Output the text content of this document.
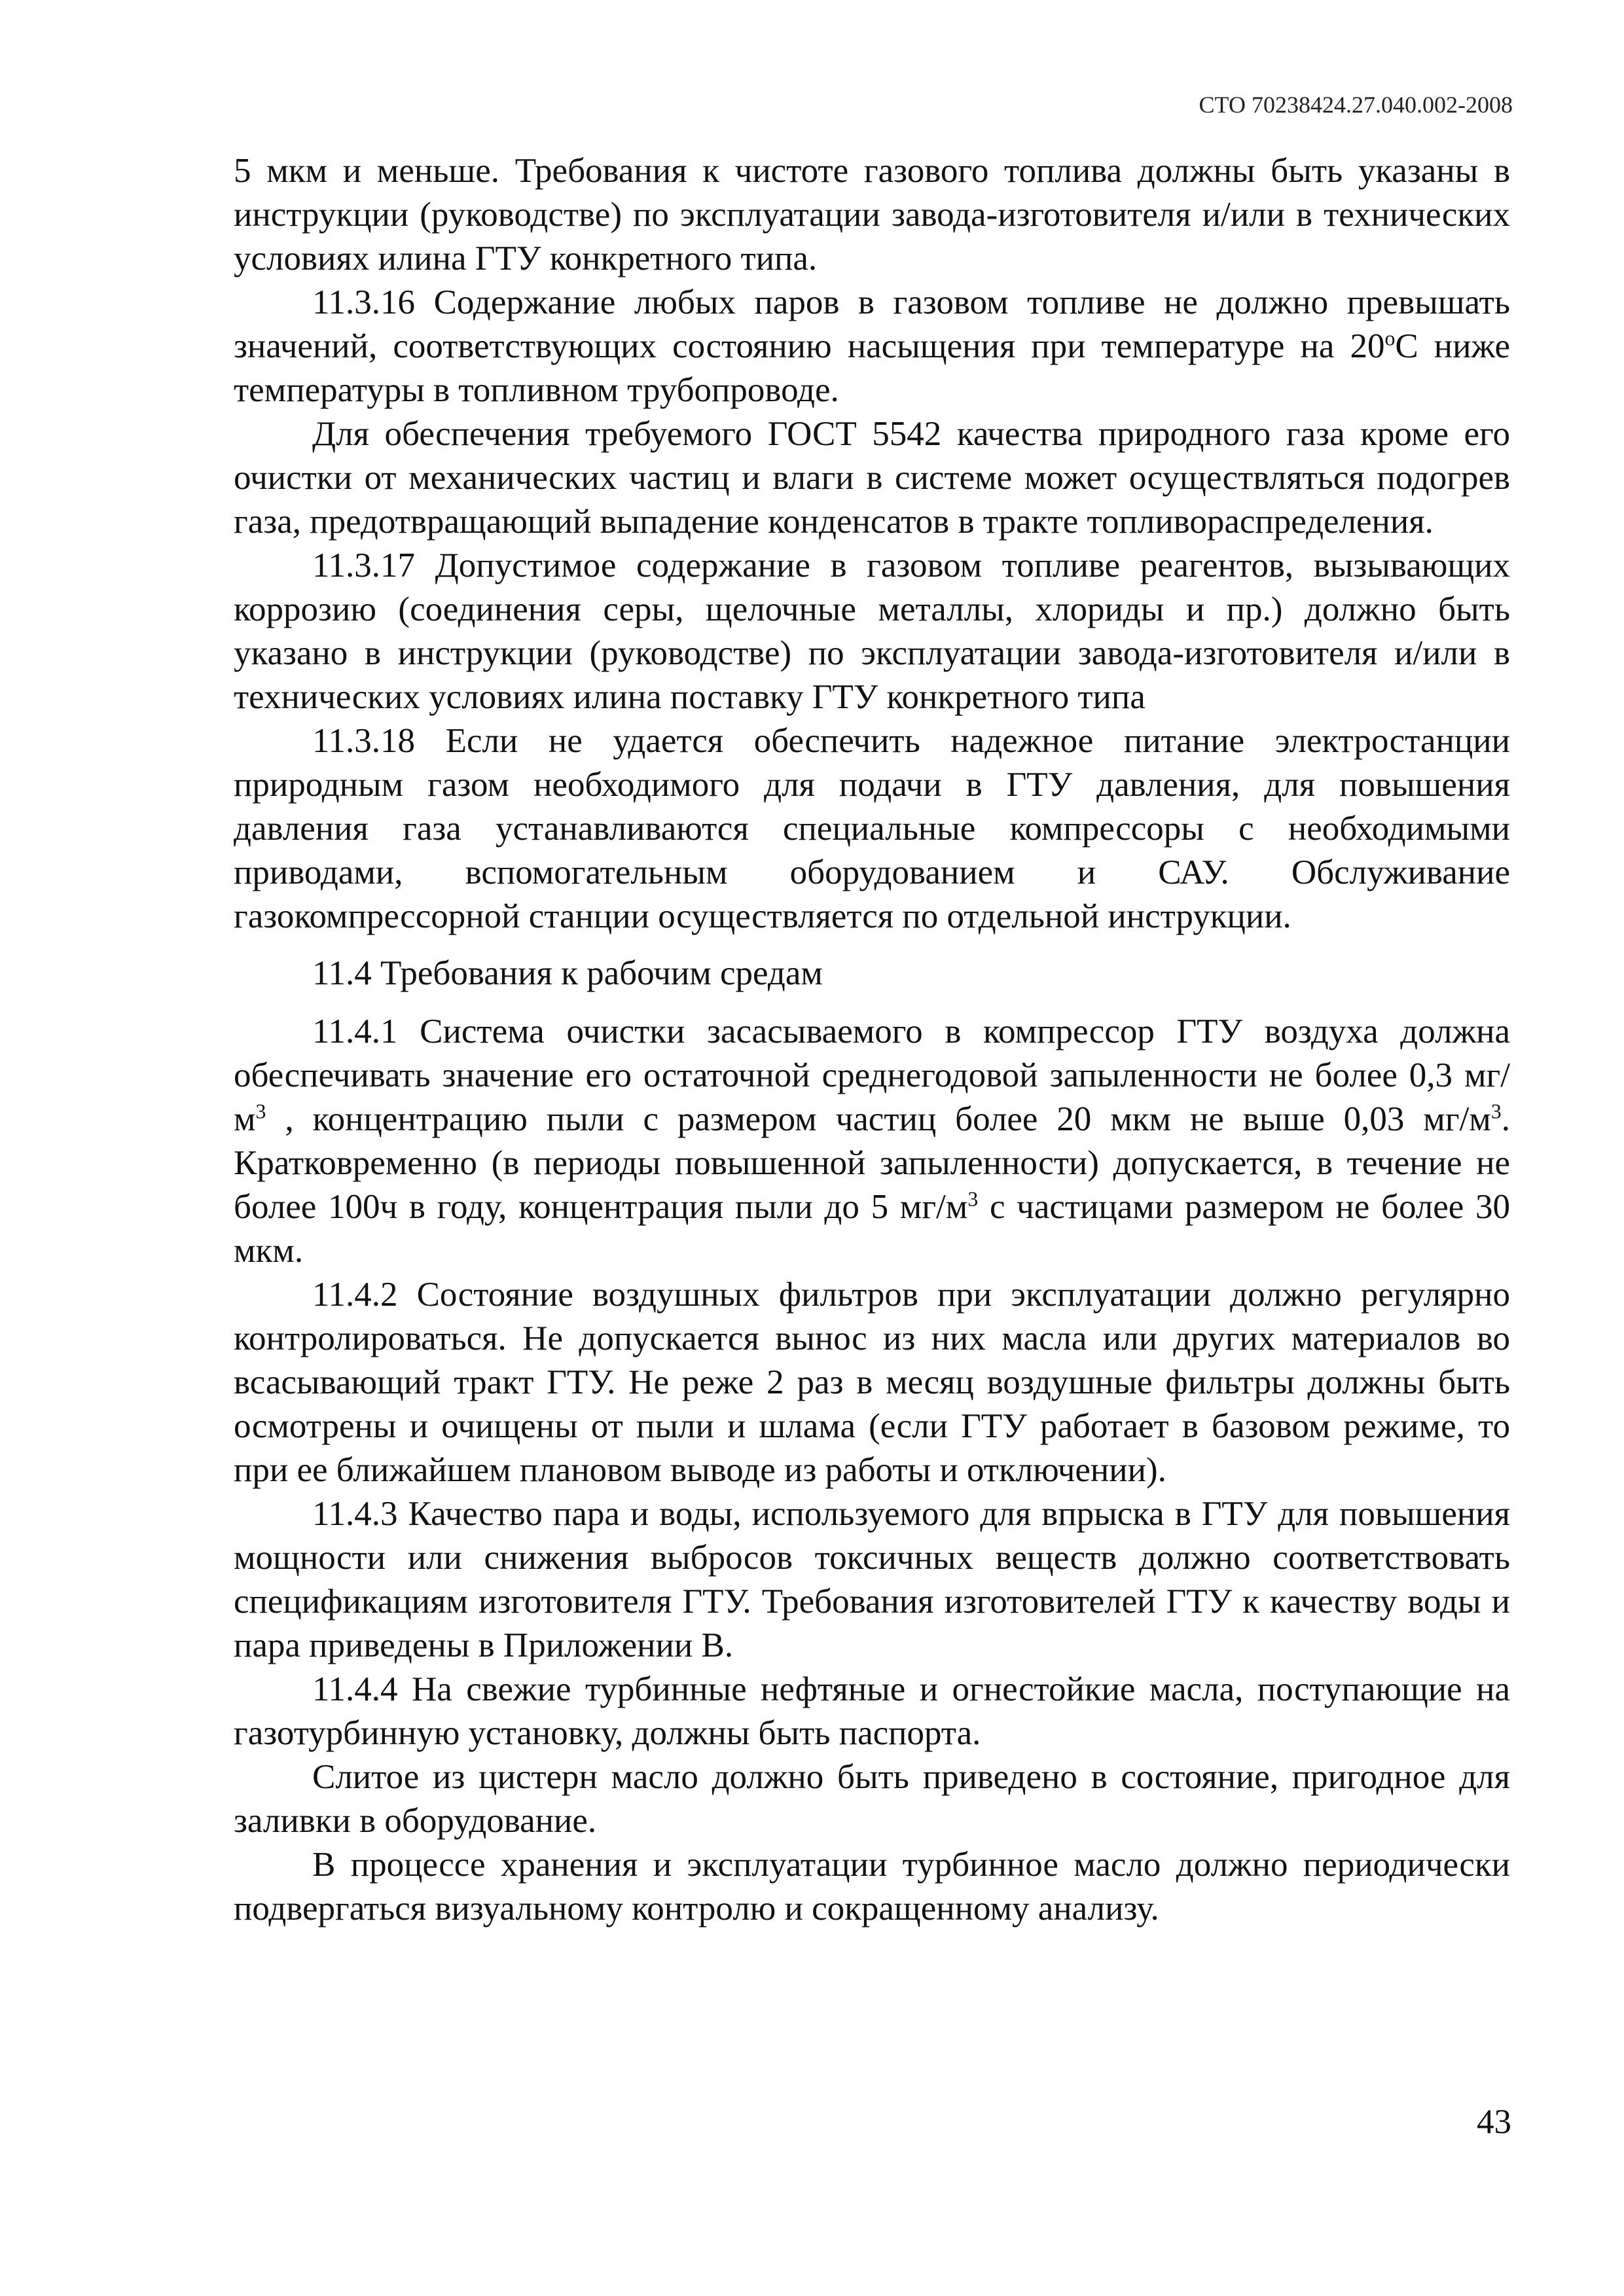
СТО 70238424.27.040.002-2008

5 мкм и меньше. Требования к чистоте газового топлива должны быть указаны в инструкции (руководстве) по эксплуатации завода-изготовителя и/или в технических условиях илина ГТУ конкретного типа.

11.3.16 Содержание любых паров в газовом топливе не должно превышать значений, соответствующих состоянию насыщения при температуре на $20^оС$ ниже температуры в топливном трубопроводе.

Для обеспечения требуемого ГОСТ 5542 качества природного газа кроме его очистки от механических частиц и влаги в системе может осуществляться подогрев газа, предотвращающий выпадение конденсатов в тракте топливораспределения.

11.3.17 Допустимое содержание в газовом топливе реагентов, вызывающих коррозию (соединения серы, щелочные металлы, хлориды и пр.) должно быть указано в инструкции (руководстве) по эксплуатации завода-изготовителя и/или в технических условиях илина поставку ГТУ конкретного типа

11.3.18 Если не удается обеспечить надежное питание электростанции природным газом необходимого для подачи в ГТУ давления, для повышения давления газа устанавливаются специальные компрессоры с необходимыми приводами, вспомогательным оборудованием и САУ. Обслуживание газокомпрессорной станции осуществляется по отдельной инструкции.

11.4 Требования к рабочим средам

11.4.1 Система очистки засасываемого в компрессор ГТУ воздуха должна обеспечивать значение его остаточной среднегодовой запыленности не более 0,3 $мг/м^3$ , концентрацию пыли с размером частиц более 20 мкм не выше 0,03 $мг/м^3$. Кратковременно (в периоды повышенной запыленности) допускается, в течение не более 100ч в году, концентрация пыли до 5 $мг/м^3$ с частицами размером не более 30 мкм.

11.4.2 Состояние воздушных фильтров при эксплуатации должно регулярно контролироваться. Не допускается вынос из них масла или других материалов во всасывающий тракт ГТУ. Не реже 2 раз в месяц воздушные фильтры должны быть осмотрены и очищены от пыли и шлама (если ГТУ работает в базовом режиме, то при ее ближайшем плановом выводе из работы и отключении).

11.4.3 Качество пара и воды, используемого для впрыска в ГТУ для повышения мощности или снижения выбросов токсичных веществ должно соответствовать спецификациям изготовителя ГТУ. Требования изготовителей ГТУ к качеству воды и пара приведены в Приложении В.

11.4.4 На свежие турбинные нефтяные и огнестойкие масла, поступающие на газотурбинную установку, должны быть паспорта.

Слитое из цистерн масло должно быть приведено в состояние, пригодное для заливки в оборудование.

В процессе хранения и эксплуатации турбинное масло должно периодически подвергаться визуальному контролю и сокращенному анализу.

43
